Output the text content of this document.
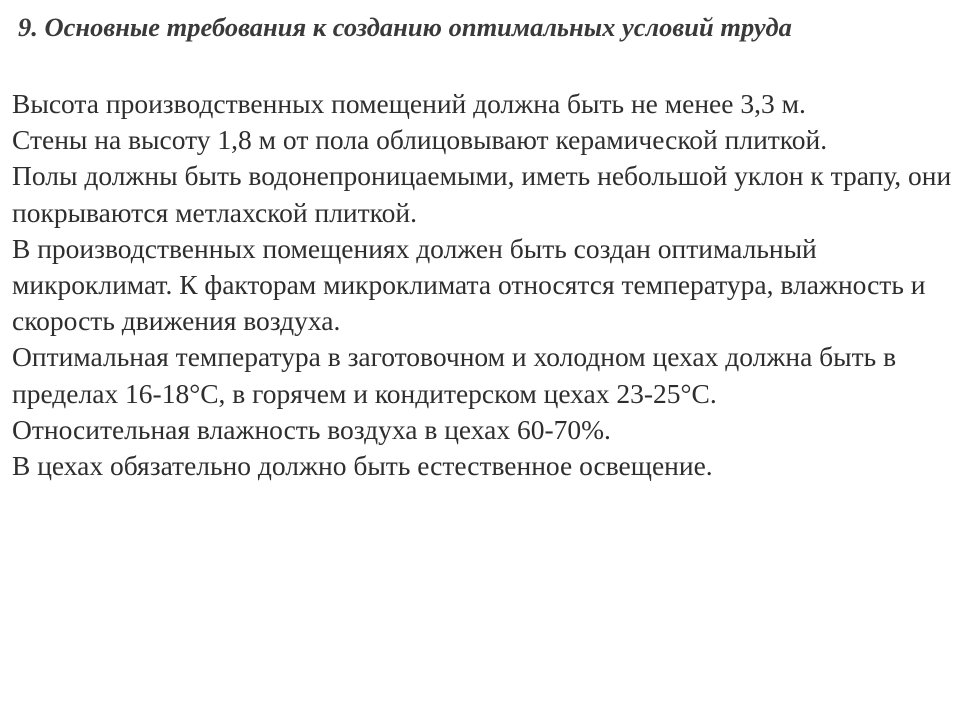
9. Основные требования к созданию оптимальных условий труда

Высота производственных помещений должна быть не менее 3,3 м.

Стены на высоту 1,8 м от пола облицовывают керамической плиткой.

Полы должны быть водонепроницаемыми, иметь небольшой уклон к трапу, они покрываются метлахской плиткой.

В производственных помещениях должен быть создан оптимальный микроклимат. К факторам микроклимата относятся температура, влажность и скорость движения воздуха.

Оптимальная температура в заготовочном и холодном цехах должна быть в пределах 16-18°С, в горячем и кондитерском цехах 23-25°С.

Относительная влажность воздуха в цехах 60-70%.

В цехах обязательно должно быть естественное освещение.
